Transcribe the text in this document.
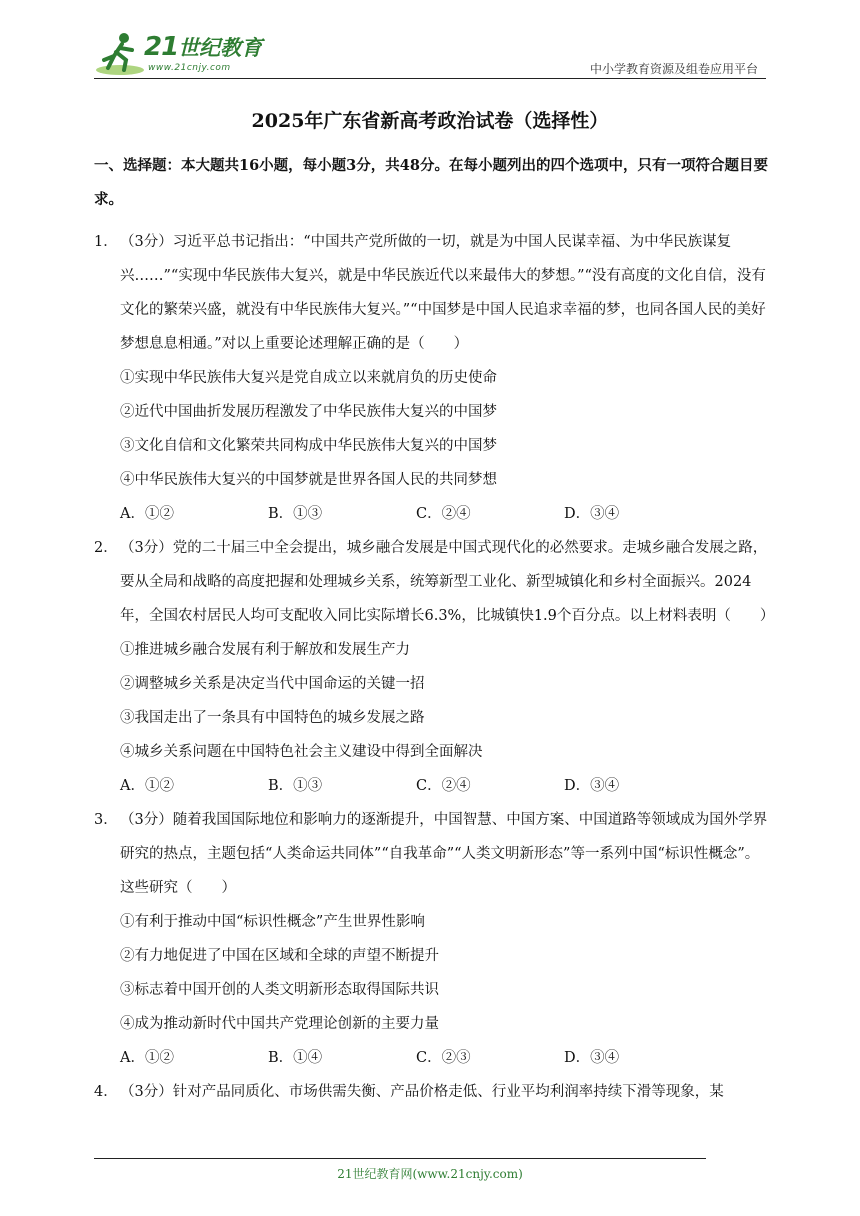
21世纪教育
www.21cnjy.com	中小学教育资源及组卷应用平台
2025年广东省新高考政治试卷（选择性）
一、选择题：本大题共16小题，每小题3分，共48分。在每小题列出的四个选项中，只有一项符合题目要求。
1． （3分）习近平总书记指出：“中国共产党所做的一切，就是为中国人民谋幸福、为中华民族谋复兴……”“实现中华民族伟大复兴，就是中华民族近代以来最伟大的梦想。”“没有高度的文化自信，没有文化的繁荣兴盛，就没有中华民族伟大复兴。”“中国梦是中国人民追求幸福的梦，也同各国人民的美好梦想息息相通。”对以上重要论述理解正确的是（　　）
①实现中华民族伟大复兴是党自成立以来就肩负的历史使命
②近代中国曲折发展历程激发了中华民族伟大复兴的中国梦
③文化自信和文化繁荣共同构成中华民族伟大复兴的中国梦
④中华民族伟大复兴的中国梦就是世界各国人民的共同梦想
A．①②	B．①③	C．②④	D．③④
2． （3分）党的二十届三中全会提出，城乡融合发展是中国式现代化的必然要求。走城乡融合发展之路，要从全局和战略的高度把握和处理城乡关系，统筹新型工业化、新型城镇化和乡村全面振兴。2024年，全国农村居民人均可支配收入同比实际增长6.3%，比城镇快1.9个百分点。以上材料表明（　　）
①推进城乡融合发展有利于解放和发展生产力
②调整城乡关系是决定当代中国命运的关键一招
③我国走出了一条具有中国特色的城乡发展之路
④城乡关系问题在中国特色社会主义建设中得到全面解决
A．①②	B．①③	C．②④	D．③④
3． （3分）随着我国国际地位和影响力的逐渐提升，中国智慧、中国方案、中国道路等领域成为国外学界研究的热点，主题包括“人类命运共同体”“自我革命”“人类文明新形态”等一系列中国“标识性概念”。这些研究（　　）
①有利于推动中国“标识性概念”产生世界性影响
②有力地促进了中国在区域和全球的声望不断提升
③标志着中国开创的人类文明新形态取得国际共识
④成为推动新时代中国共产党理论创新的主要力量
A．①②	B．①④	C．②③	D．③④
4． （3分）针对产品同质化、市场供需失衡、产品价格走低、行业平均利润率持续下滑等现象，某
21世纪教育网(www.21cnjy.com)
